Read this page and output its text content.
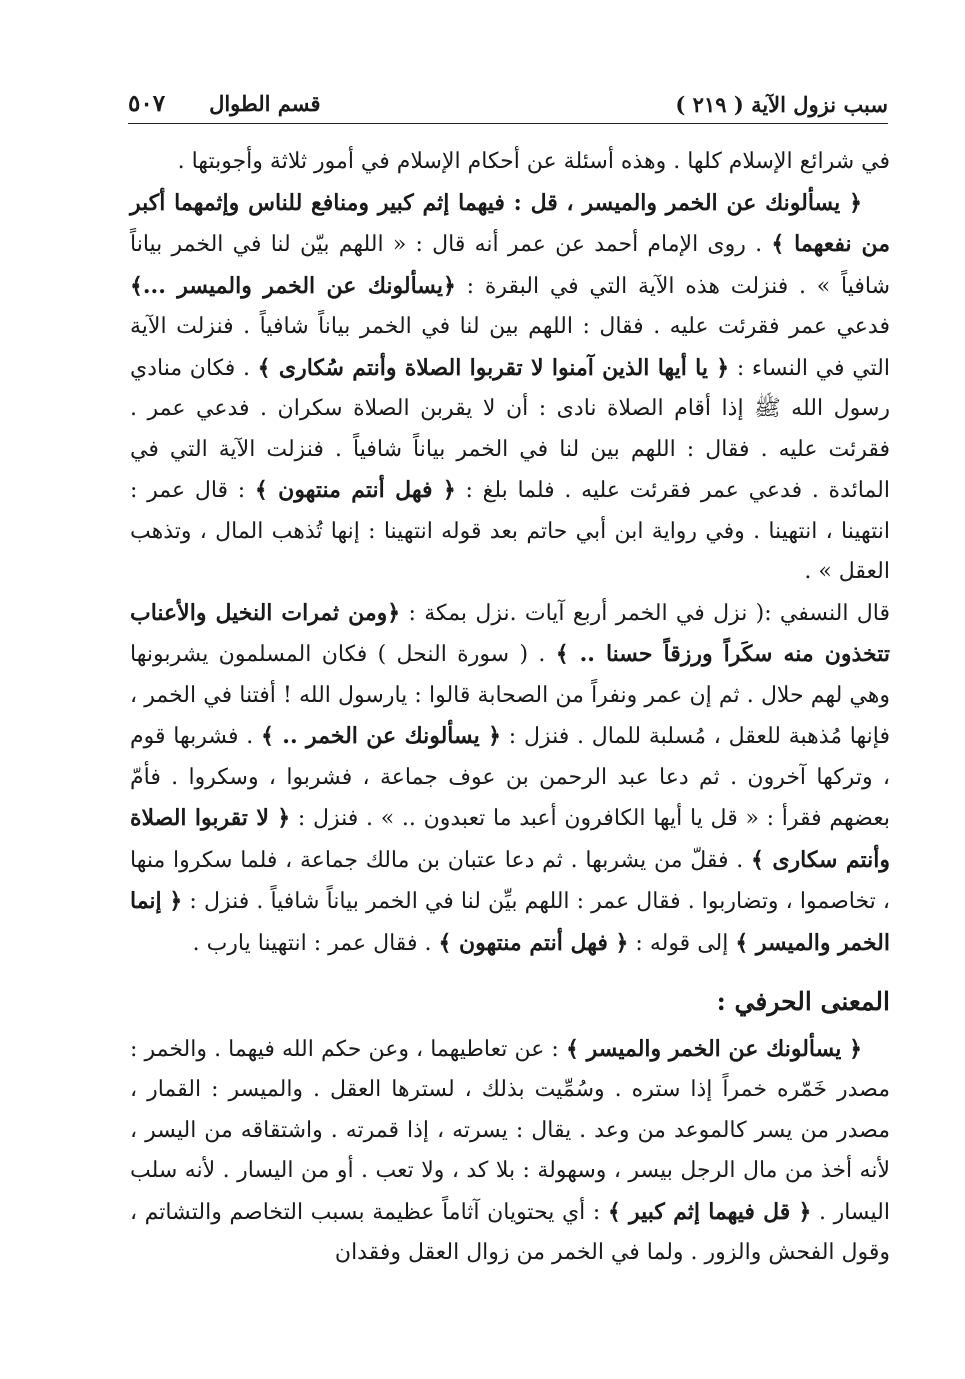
سبب نزول الآية ( ٢١٩ )
قسم الطوال
٥٠٧

في شرائع الإسلام كلها . وهذه أسئلة عن أحكام الإسلام في أمور ثلاثة وأجوبتها .

﴿ يسألونك عن الخمر والميسر ، قل : فيهما إثم كبير ومنافع للناس وإثمهما أكبر من نفعهما ﴾ . روى الإمام أحمد عن عمر أنه قال : « اللهم بيّن لنا في الخمر بياناً شافياً » . فنزلت هذه الآية التي في البقرة : ﴿يسألونك عن الخمر والميسر ...﴾ فدعي عمر فقرئت عليه . فقال : اللهم بين لنا في الخمر بياناً شافياً . فنزلت الآية التي في النساء : ﴿ يا أيها الذين آمنوا لا تقربوا الصلاة وأنتم سُكارى ﴾ . فكان منادي رسول الله ﷺ إذا أقام الصلاة نادى : أن لا يقربن الصلاة سكران . فدعي عمر . فقرئت عليه . فقال : اللهم بين لنا في الخمر بياناً شافياً . فنزلت الآية التي في المائدة . فدعي عمر فقرئت عليه . فلما بلغ : ﴿ فهل أنتم منتهون ﴾ : قال عمر : انتهينا ، انتهينا . وفي رواية ابن أبي حاتم بعد قوله انتهينا : إنها تُذهب المال ، وتذهب العقل » .

قال النسفي :( نزل في الخمر أربع آيات .نزل بمكة : ﴿ومن ثمرات النخيل والأعناب تتخذون منه سكَراً ورزقاً حسنا .. ﴾ . ( سورة النحل ) فكان المسلمون يشربونها وهي لهم حلال . ثم إن عمر ونفراً من الصحابة قالوا : يارسول الله ! أفتنا في الخمر ، فإنها مُذهبة للعقل ، مُسلبة للمال . فنزل : ﴿ يسألونك عن الخمر .. ﴾ . فشربها قوم ، وتركها آخرون . ثم دعا عبد الرحمن بن عوف جماعة ، فشربوا ، وسكروا . فأمّ بعضهم فقرأ : « قل يا أيها الكافرون أعبد ما تعبدون .. » . فنزل : ﴿ لا تقربوا الصلاة وأنتم سكارى ﴾ . فقلّ من يشربها . ثم دعا عتبان بن مالك جماعة ، فلما سكروا منها ، تخاصموا ، وتضاربوا . فقال عمر : اللهم بيِّن لنا في الخمر بياناً شافياً . فنزل : ﴿ إنما الخمر والميسر ﴾ إلى قوله : ﴿ فهل أنتم منتهون ﴾ . فقال عمر : انتهينا يارب .

المعنى الحرفي :

﴿ يسألونك عن الخمر والميسر ﴾ : عن تعاطيهما ، وعن حكم الله فيهما . والخمر : مصدر خَمّره خمراً إذا ستره . وسُمِّيت بذلك ، لسترها العقل . والميسر : القمار ، مصدر من يسر كالموعد من وعد . يقال : يسرته ، إذا قمرته . واشتقاقه من اليسر ، لأنه أخذ من مال الرجل بيسر ، وسهولة : بلا كد ، ولا تعب . أو من اليسار . لأنه سلب اليسار . ﴿ قل فيهما إثم كبير ﴾ : أي يحتويان آثاماً عظيمة بسبب التخاصم والتشاتم ، وقول الفحش والزور . ولما في الخمر من زوال العقل وفقدان
